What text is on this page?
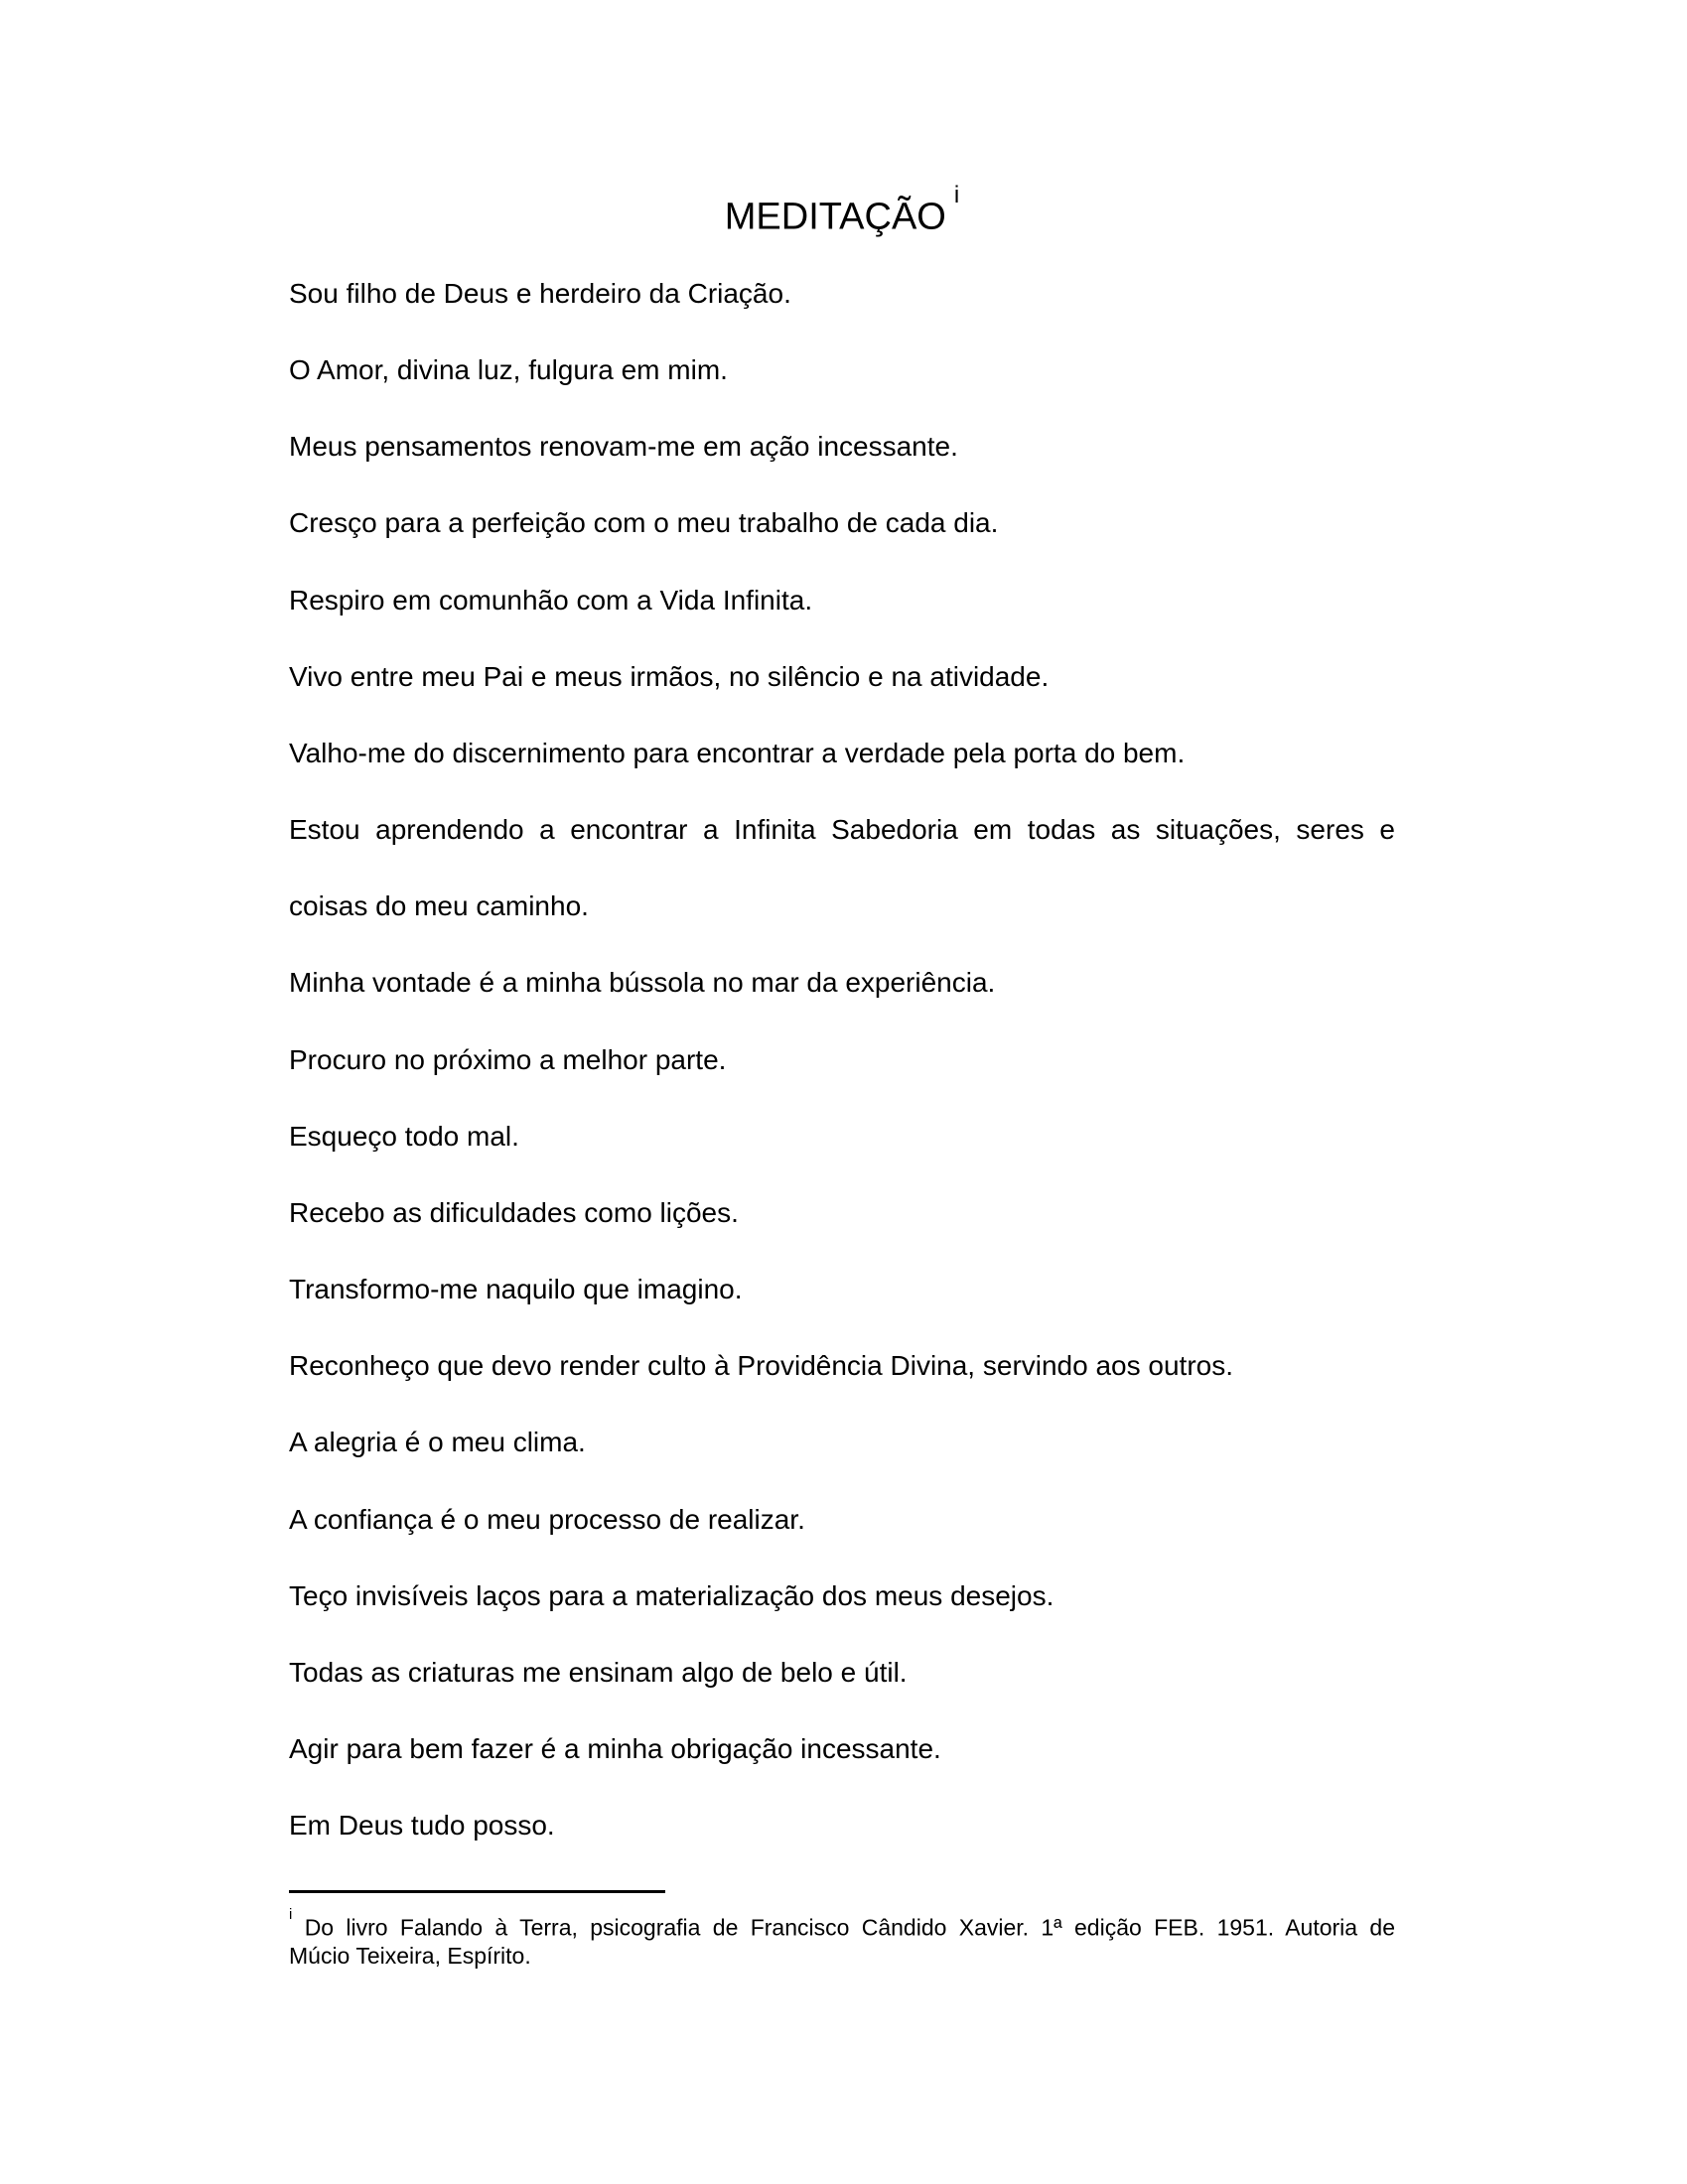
MEDITAÇÃO$^i$

Sou filho de Deus e herdeiro da Criação.

O Amor, divina luz, fulgura em mim.

Meus pensamentos renovam-me em ação incessante.

Cresço para a perfeição com o meu trabalho de cada dia.

Respiro em comunhão com a Vida Infinita.

Vivo entre meu Pai e meus irmãos, no silêncio e na atividade.

Valho-me do discernimento para encontrar a verdade pela porta do bem.

Estou aprendendo a encontrar a Infinita Sabedoria em todas as situações, seres e
coisas do meu caminho.

Minha vontade é a minha bússola no mar da experiência.

Procuro no próximo a melhor parte.

Esqueço todo mal.

Recebo as dificuldades como lições.

Transformo-me naquilo que imagino.

Reconheço que devo render culto à Providência Divina, servindo aos outros.

A alegria é o meu clima.

A confiança é o meu processo de realizar.

Teço invisíveis laços para a materialização dos meus desejos.

Todas as criaturas me ensinam algo de belo e útil.

Agir para bem fazer é a minha obrigação incessante.

Em Deus tudo posso.

$^i$ Do livro Falando à Terra, psicografia de Francisco Cândido Xavier. 1ª edição FEB. 1951. Autoria de
Múcio Teixeira, Espírito.
